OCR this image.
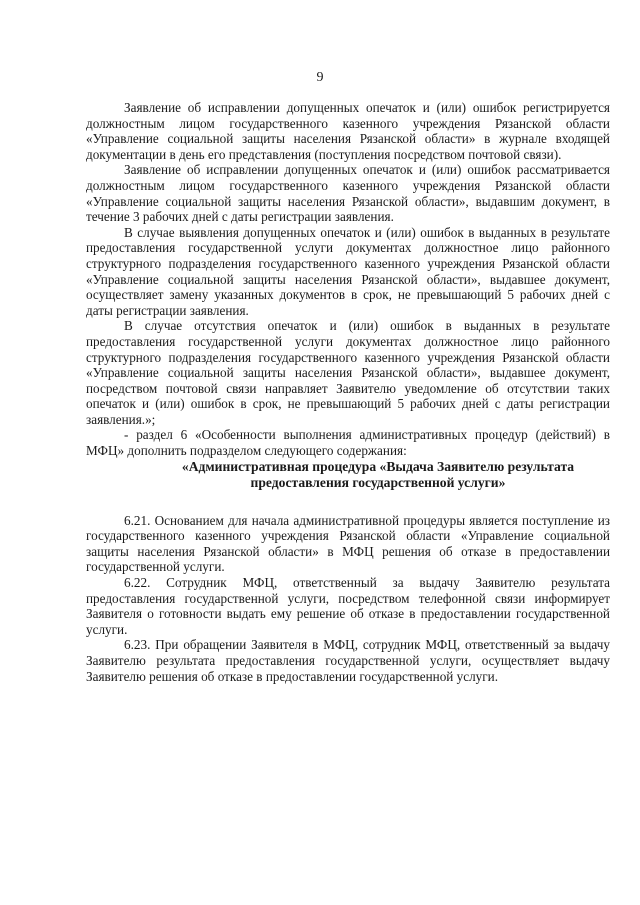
9

Заявление об исправлении допущенных опечаток и (или) ошибок регистрируется должностным лицом государственного казенного учреждения Рязанской области «Управление социальной защиты населения Рязанской области» в журнале входящей документации в день его представления (поступления посредством почтовой связи).

Заявление об исправлении допущенных опечаток и (или) ошибок рассматривается должностным лицом государственного казенного учреждения Рязанской области «Управление социальной защиты населения Рязанской области», выдавшим документ, в течение 3 рабочих дней с даты регистрации заявления.

В случае выявления допущенных опечаток и (или) ошибок в выданных в результате предоставления государственной услуги документах должностное лицо районного структурного подразделения государственного казенного учреждения Рязанской области «Управление социальной защиты населения Рязанской области», выдавшее документ, осуществляет замену указанных документов в срок, не превышающий 5 рабочих дней с даты регистрации заявления.

В случае отсутствия опечаток и (или) ошибок в выданных в результате предоставления государственной услуги документах должностное лицо районного структурного подразделения государственного казенного учреждения Рязанской области «Управление социальной защиты населения Рязанской области», выдавшее документ, посредством почтовой связи направляет Заявителю уведомление об отсутствии таких опечаток и (или) ошибок в срок, не превышающий 5 рабочих дней с даты регистрации заявления.»;

- раздел 6 «Особенности выполнения административных процедур (действий) в МФЦ» дополнить подразделом следующего содержания:

«Административная процедура «Выдача Заявителю результата предоставления государственной услуги»

6.21. Основанием для начала административной процедуры является поступление из государственного казенного учреждения Рязанской области «Управление социальной защиты населения Рязанской области» в МФЦ решения об отказе в предоставлении государственной услуги.

6.22. Сотрудник МФЦ, ответственный за выдачу Заявителю результата предоставления государственной услуги, посредством телефонной связи информирует Заявителя о готовности выдать ему решение об отказе в предоставлении государственной услуги.

6.23. При обращении Заявителя в МФЦ, сотрудник МФЦ, ответственный за выдачу Заявителю результата предоставления государственной услуги, осуществляет выдачу Заявителю решения об отказе в предоставлении государственной услуги.
